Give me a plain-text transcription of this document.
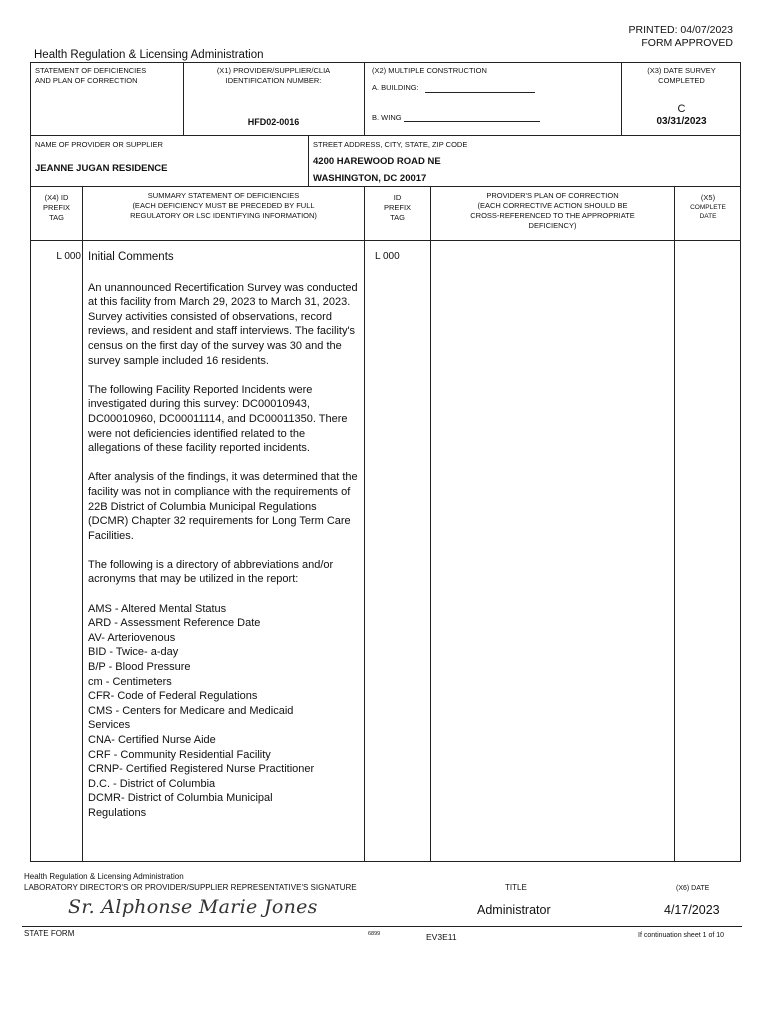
PRINTED: 04/07/2023
FORM APPROVED
Health Regulation & Licensing Administration
STATEMENT OF DEFICIENCIES
AND PLAN OF CORRECTION
(X1) PROVIDER/SUPPLIER/CLIA
IDENTIFICATION NUMBER:
HFD02-0016
(X2) MULTIPLE CONSTRUCTION
A. BUILDING:
B. WING
(X3) DATE SURVEY
COMPLETED
C
03/31/2023
NAME OF PROVIDER OR SUPPLIER
JEANNE JUGAN RESIDENCE
STREET ADDRESS, CITY, STATE, ZIP CODE
4200 HAREWOOD ROAD NE
WASHINGTON, DC 20017
(X4) ID
PREFIX
TAG
SUMMARY STATEMENT OF DEFICIENCIES
(EACH DEFICIENCY MUST BE PRECEDED BY FULL
REGULATORY OR LSC IDENTIFYING INFORMATION)
ID
PREFIX
TAG
PROVIDER'S PLAN OF CORRECTION
(EACH CORRECTIVE ACTION SHOULD BE
CROSS-REFERENCED TO THE APPROPRIATE
DEFICIENCY)
(X5)
COMPLETE
DATE
L 000	L 000
Initial Comments
An unannounced Recertification Survey was conducted at this facility from March 29, 2023 to March 31, 2023. Survey activities consisted of observations, record reviews, and resident and staff interviews. The facility's census on the first day of the survey was 30 and the survey sample included 16 residents.
The following Facility Reported Incidents were investigated during this survey: DC00010943, DC00010960, DC00011114, and DC00011350. There were not deficiencies identified related to the allegations of these facility reported incidents.
After analysis of the findings, it was determined that the facility was not in compliance with the requirements of 22B District of Columbia Municipal Regulations (DCMR) Chapter 32 requirements for Long Term Care Facilities.
The following is a directory of abbreviations and/or acronyms that may be utilized in the report:
AMS - Altered Mental Status
ARD - Assessment Reference Date
AV- Arteriovenous
BID - Twice- a-day
B/P - Blood Pressure
cm - Centimeters
CFR- Code of Federal Regulations
CMS - Centers for Medicare and Medicaid
Services
CNA- Certified Nurse Aide
CRF - Community Residential Facility
CRNP- Certified Registered Nurse Practitioner
D.C. - District of Columbia
DCMR- District of Columbia Municipal
Regulations
Health Regulation & Licensing Administration
LABORATORY DIRECTOR'S OR PROVIDER/SUPPLIER REPRESENTATIVE'S SIGNATURE	TITLE	(X6) DATE
Sr. Alphonse Marie Jones	Administrator	4/17/2023
STATE FORM	6899	EV3E11	If continuation sheet 1 of 10
